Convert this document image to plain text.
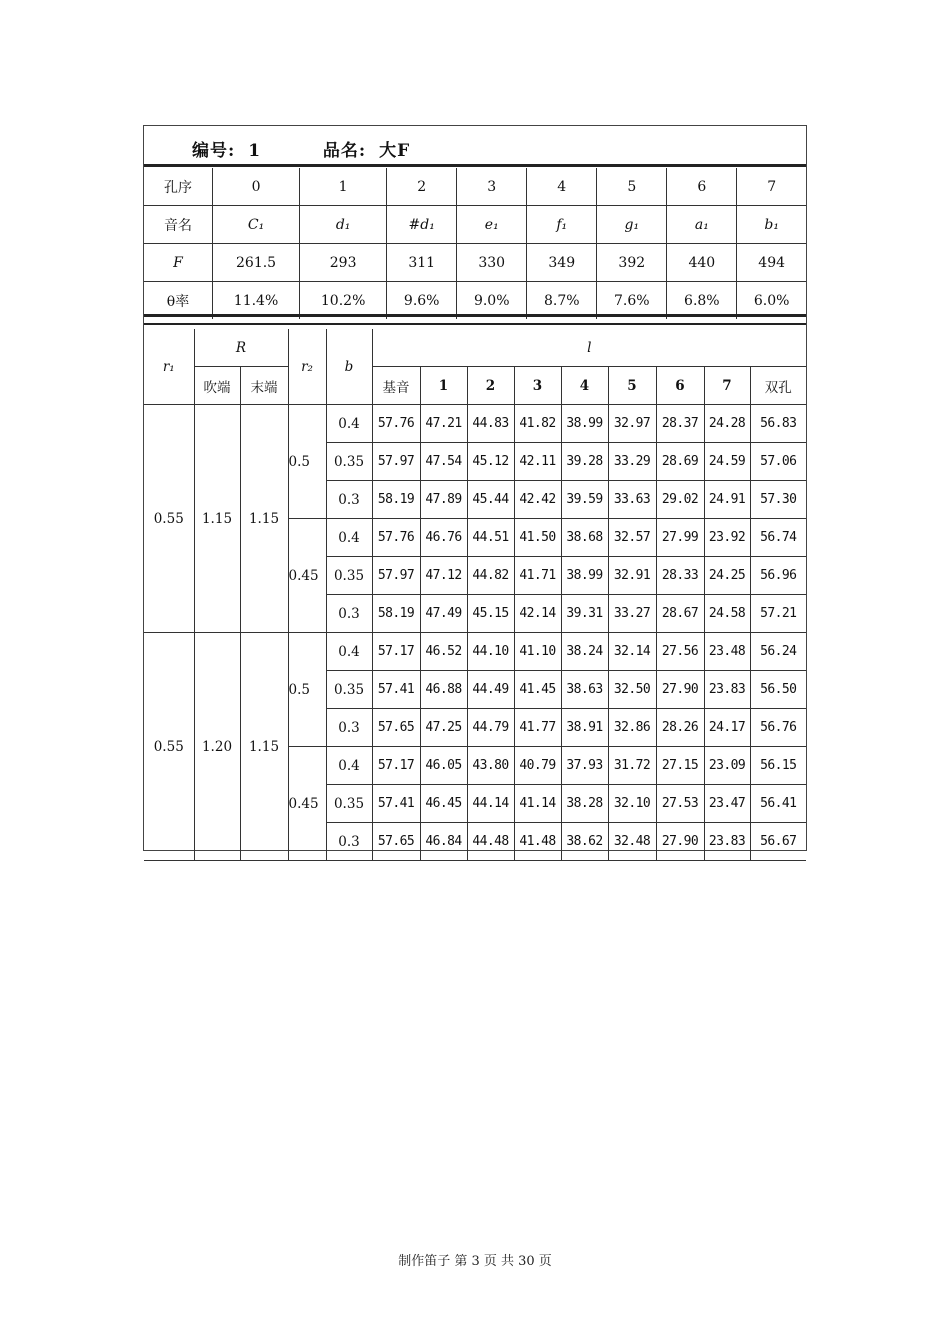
编号: 1	品名: 大F
孔序	0	1	2	3	4	5	6	7
音名	C₁	d₁	#d₁	e₁	f₁	g₁	a₁	b₁
F	261.5	293	311	330	349	392	440	494
θ率	11.4%	10.2%	9.6%	9.0%	8.7%	7.6%	6.8%	6.0%
r₁	R		r₂	b	l								
	吹端	末端			基音	1	2	3	4	5	6	7	双孔
0.55	1.15	1.15	0.5	0.4	57.76	47.21	44.83	41.82	38.99	32.97	28.37	24.28	56.83
				0.35	57.97	47.54	45.12	42.11	39.28	33.29	28.69	24.59	57.06
				0.3	58.19	47.89	45.44	42.42	39.59	33.63	29.02	24.91	57.30
			0.45	0.4	57.76	46.76	44.51	41.50	38.68	32.57	27.99	23.92	56.74
				0.35	57.97	47.12	44.82	41.71	38.99	32.91	28.33	24.25	56.96
				0.3	58.19	47.49	45.15	42.14	39.31	33.27	28.67	24.58	57.21
0.55	1.20	1.15	0.5	0.4	57.17	46.52	44.10	41.10	38.24	32.14	27.56	23.48	56.24
				0.35	57.41	46.88	44.49	41.45	38.63	32.50	27.90	23.83	56.50
				0.3	57.65	47.25	44.79	41.77	38.91	32.86	28.26	24.17	56.76
			0.45	0.4	57.17	46.05	43.80	40.79	37.93	31.72	27.15	23.09	56.15
				0.35	57.41	46.45	44.14	41.14	38.28	32.10	27.53	23.47	56.41
				0.3	57.65	46.84	44.48	41.48	38.62	32.48	27.90	23.83	56.67
制作笛子 第 3 页 共 30 页
